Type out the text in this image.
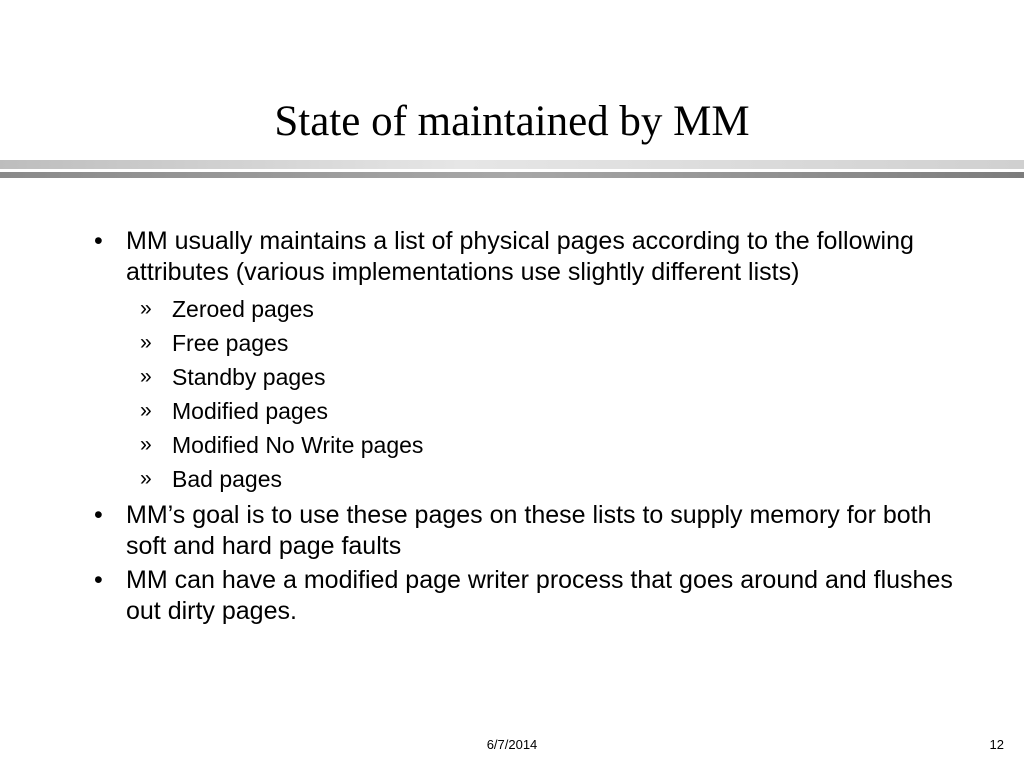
State of maintained by MM
• MM usually maintains a list of physical pages according to the following attributes (various implementations use slightly different lists)
» Zeroed pages
» Free pages
» Standby pages
» Modified pages
» Modified No Write pages
» Bad pages
• MM’s goal is to use these pages on these lists to supply memory for both soft and hard page faults
• MM can have a modified page writer process that goes around and flushes out dirty pages.
6/7/2014	12
